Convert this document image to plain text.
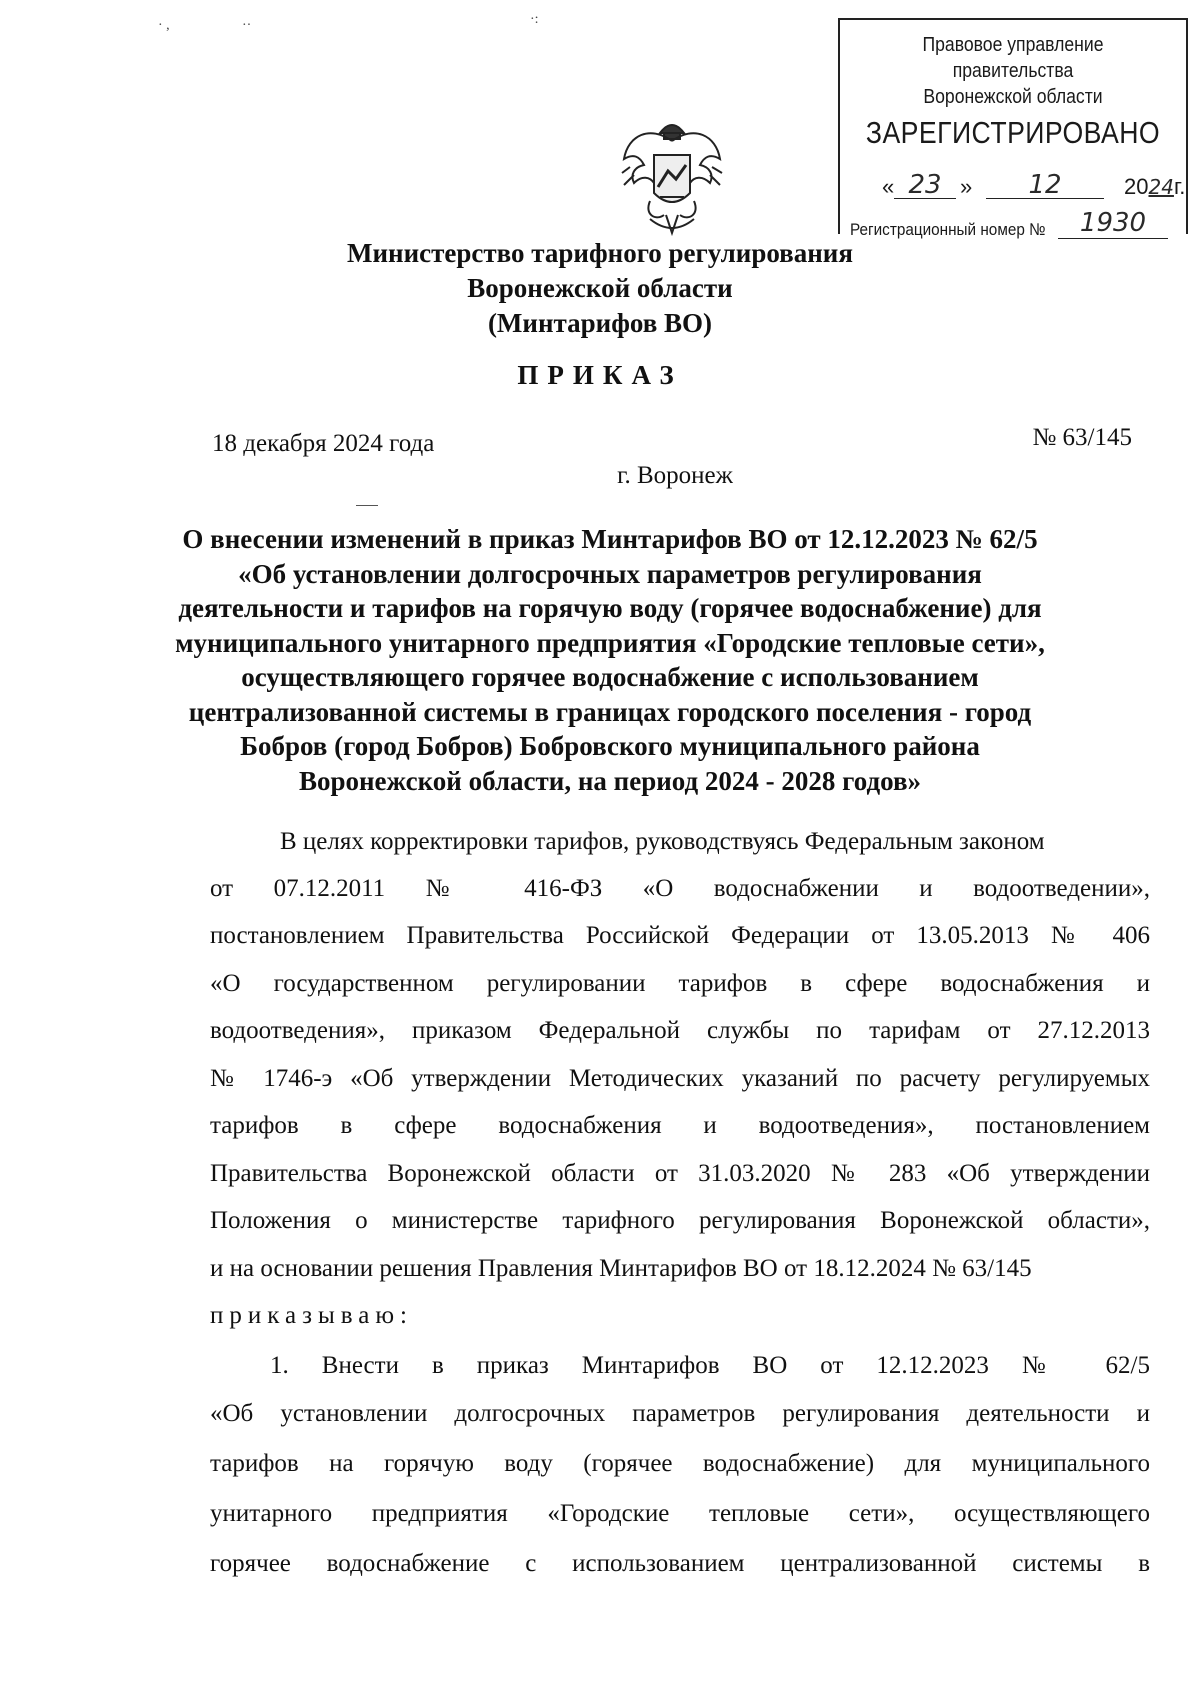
· ,	··	·:
Правовое управление правительства
Воронежской области
ЗАРЕГИСТРИРОВАНО
« 23 »	12	2024г.
Регистрационный номер №	1930
Министерство тарифного регулирования
Воронежской области
(Минтарифов ВО)
ПРИКАЗ
18 декабря 2024 года	№ 63/145
г. Воронеж
О внесении изменений в приказ Минтарифов ВО от 12.12.2023 № 62/5
«Об установлении долгосрочных параметров регулирования
деятельности и тарифов на горячую воду (горячее водоснабжение) для
муниципального унитарного предприятия «Городские тепловые сети»,
осуществляющего горячее водоснабжение с использованием
централизованной системы в границах городского поселения - город
Бобров (город Бобров) Бобровского муниципального района
Воронежской области, на период 2024 - 2028 годов»
В целях корректировки тарифов, руководствуясь Федеральным законом
от 07.12.2011 № 416-ФЗ «О водоснабжении и водоотведении»,
постановлением Правительства Российской Федерации от 13.05.2013 № 406
«О государственном регулировании тарифов в сфере водоснабжения и
водоотведения», приказом Федеральной службы по тарифам от 27.12.2013
№ 1746-э «Об утверждении Методических указаний по расчету регулируемых
тарифов в сфере водоснабжения и водоотведения», постановлением
Правительства Воронежской области от 31.03.2020 № 283 «Об утверждении
Положения о министерстве тарифного регулирования Воронежской области»,
и на основании решения Правления Минтарифов ВО от 18.12.2024 № 63/145
приказываю:
1. Внести в приказ Минтарифов ВО от 12.12.2023 № 62/5
«Об установлении долгосрочных параметров регулирования деятельности и
тарифов на горячую воду (горячее водоснабжение) для муниципального
унитарного предприятия «Городские тепловые сети», осуществляющего
горячее водоснабжение с использованием централизованной системы в
